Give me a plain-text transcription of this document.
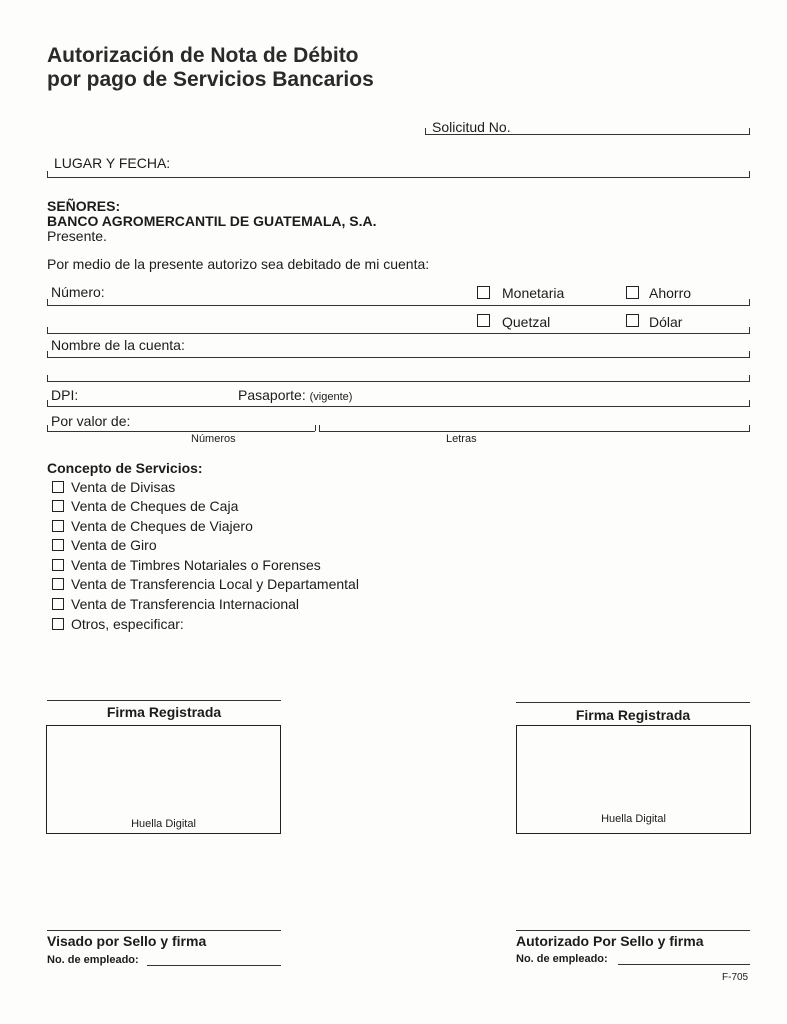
Autorización de Nota de Débito
por pago de Servicios Bancarios
Solicitud No.
LUGAR Y FECHA:
SEÑORES:
BANCO AGROMERCANTIL DE GUATEMALA, S.A.
Presente.
Por medio de la presente autorizo sea debitado de mi cuenta:
Número:	Monetaria	Ahorro
Quetzal	Dólar
Nombre de la cuenta:
DPI:	Pasaporte: (vigente)
Por valor de:
Números	Letras
Concepto de Servicios:
Venta de Divisas
Venta de Cheques de Caja
Venta de Cheques de Viajero
Venta de Giro
Venta de Timbres Notariales o Forenses
Venta de Transferencia Local y Departamental
Venta de Transferencia Internacional
Otros, especificar:
Firma Registrada
Huella Digital
Firma Registrada
Huella Digital
Visado por Sello y firma
No. de empleado:
Autorizado Por Sello y firma
No. de empleado:
F-705
